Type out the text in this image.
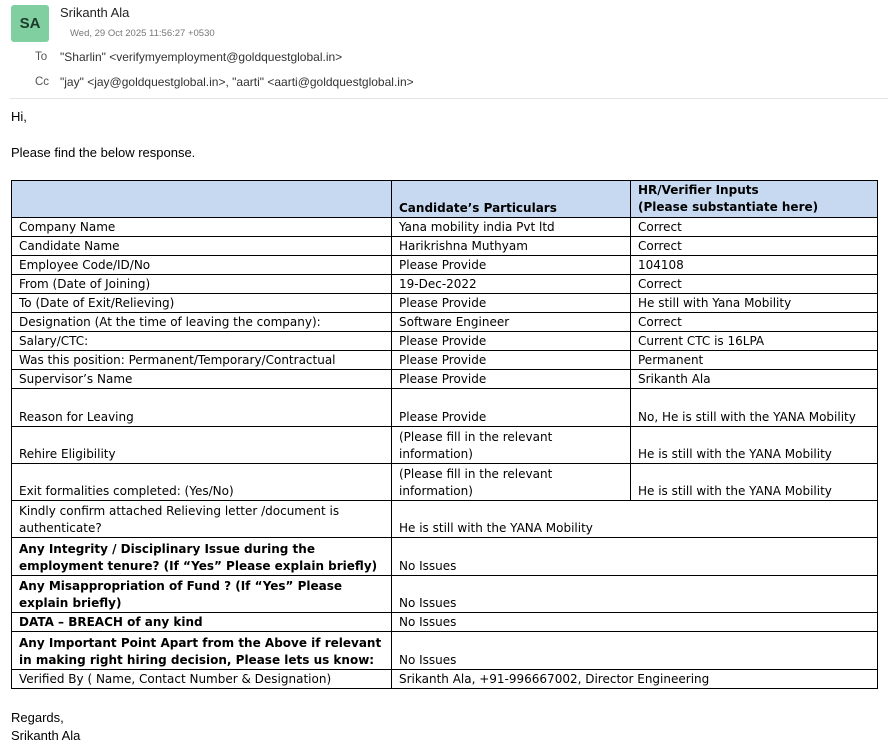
SA
Srikanth Ala
Wed, 29 Oct 2025 11:56:27 +0530
To "Sharlin" <verifymyemployment@goldquestglobal.in>
Cc "jay" <jay@goldquestglobal.in>, "aarti" <aarti@goldquestglobal.in>
Hi,
Please find the below response.
	Candidate’s Particulars	HR/Verifier Inputs
(Please substantiate here)

Company Name	Yana mobility india Pvt ltd	Correct
Candidate Name	Harikrishna Muthyam	Correct
Employee Code/ID/No	Please Provide	104108
From (Date of Joining)	19-Dec-2022	Correct
To (Date of Exit/Relieving)	Please Provide	He still with Yana Mobility
Designation (At the time of leaving the company):	Software Engineer	Correct
Salary/CTC:	Please Provide	Current CTC is 16LPA
Was this position: Permanent/Temporary/Contractual	Please Provide	Permanent
Supervisor’s Name	Please Provide	Srikanth Ala
Reason for Leaving	Please Provide	No, He is still with the YANA Mobility
Rehire Eligibility	(Please fill in the relevant information)	He is still with the YANA Mobility
Exit formalities completed: (Yes/No)	(Please fill in the relevant information)	He is still with the YANA Mobility
Kindly confirm attached Relieving letter /document is authenticate?	He is still with the YANA Mobility	
Any Integrity / Disciplinary Issue during the employment tenure? (If “Yes” Please explain briefly)	No Issues	
Any Misappropriation of Fund ? (If “Yes” Please explain briefly)	No Issues	
DATA – BREACH of any kind	No Issues	
Any Important Point Apart from the Above if relevant in making right hiring decision, Please lets us know:	No Issues	
Verified By ( Name, Contact Number & Designation)	Srikanth Ala, +91-996667002, Director Engineering	
Regards,
Srikanth Ala
